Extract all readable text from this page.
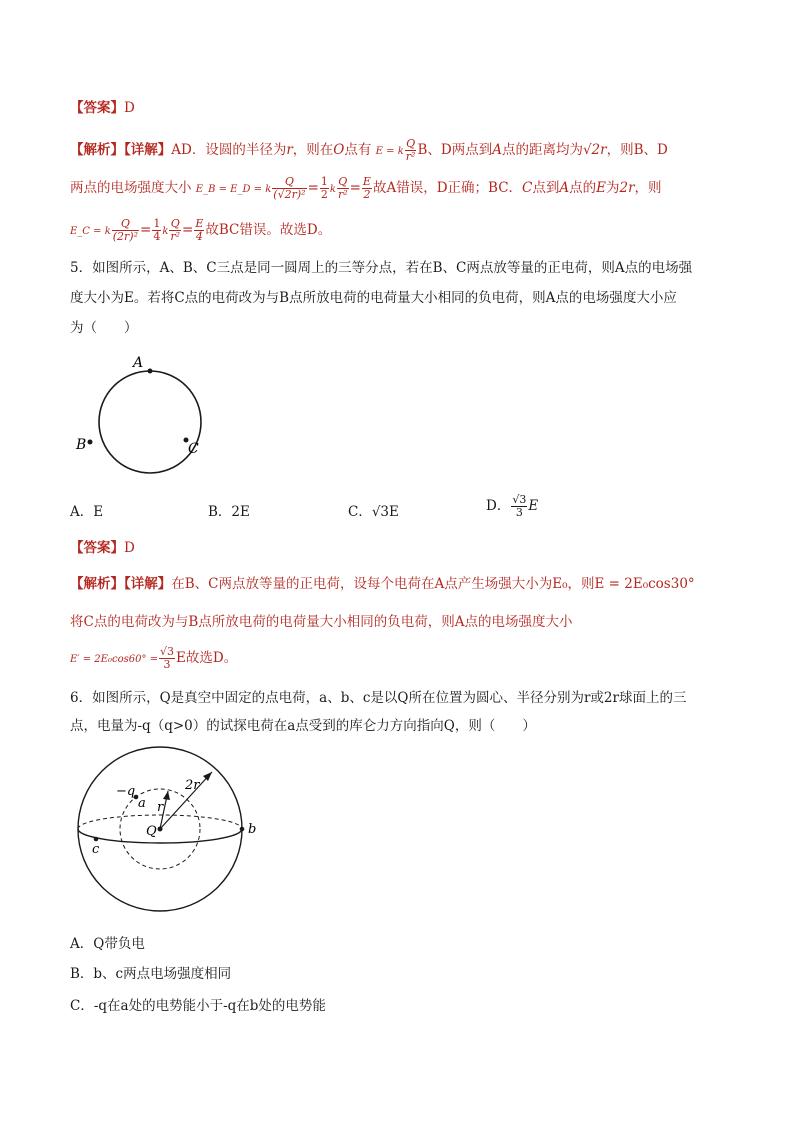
【答案】D
【解析】【详解】AD．设圆的半径为r，则在O点有 E = k $\frac{Q}{\text{r²}}$ B、D两点到A点的距离均为√2r，则B、D
两点的电场强度大小 E_B = E_D = k $\frac{Q}{\text{(√2r)²}} = \frac{1}{2}$ k $\frac{Q}{\text{r²}} = \frac{E}{2}$ 故A错误，D正确；BC．C点到A点的E为2r，则
E_C = k $\frac{Q}{\text{(2r)²}} = \frac{1}{4}$ k $\frac{Q}{\text{r²}} = \frac{E}{4}$ 故BC错误。故选D。
5．如图所示，A、B、C三点是同一圆周上的三等分点，若在B、C两点放等量的正电荷，则A点的电场强
度大小为E。若将C点的电荷改为与B点所放电荷的电荷量大小相同的负电荷，则A点的电场强度大小应
为（　　）
A
B	C
A．E	B．2E	C．√3E	D． $\frac{√3}{3}$ E
【答案】D
【解析】【详解】在B、C两点放等量的正电荷，设每个电荷在A点产生场强大小为E₀，则E = 2E₀cos30°
将C点的电荷改为与B点所放电荷的电荷量大小相同的负电荷，则A点的电场强度大小
$E' = 2E_0\cos 60^\circ = \frac{√3}{3}$ E故选D。
6．如图所示，Q是真空中固定的点电荷，a、b、c是以Q所在位置为圆心、半径分别为r或2r球面上的三
点，电量为-q（q>0）的试探电荷在a点受到的库仑力方向指向Q，则（　　）
−q
a r
2r
Q	b
c
A．Q带负电
B．b、c两点电场强度相同
C．-q在a处的电势能小于-q在b处的电势能
